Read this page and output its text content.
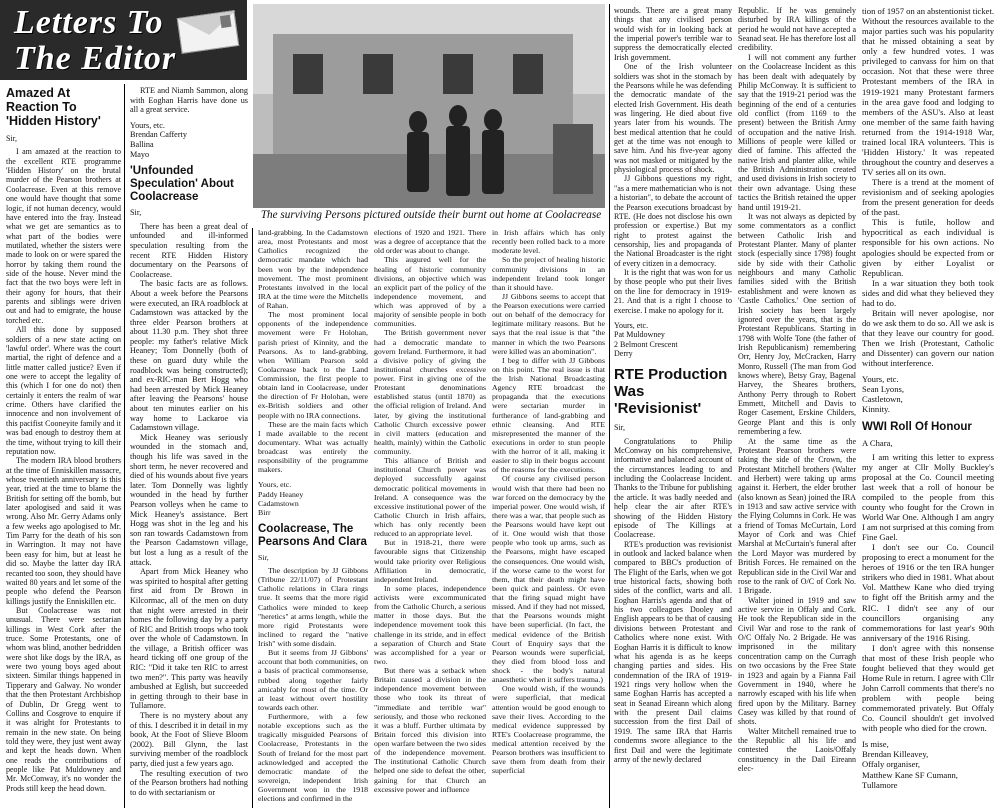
Letters To
The Editor
The surviving Persons pictured outside their burnt out home at Coolacrease
Amazed At Reaction To 'Hidden History'

Sir,

I am amazed at the reaction to the excellent RTE programme 'Hidden History' on the brutal murder of the Pearson brothers at Coolacrease. Even at this remove one would have thought that some logic, if not human decency, would have entered into the fray. Instead what we get are semantics as to what part of the bodies were mutilated, whether the sisters were made to look on or were spared the horror by taking them round the side of the house. Never mind the fact that the two boys were left in their agony for hours, that their parents and siblings were driven out and had to emigrate, the house torched etc.

All this done by supposed soldiers of a new state acting on 'lawful order'. Where was the court martial, the right of defence and a little matter called justice? Even if one were to accept the legality of this (which I for one do not) then certainly it enters the realm of war crime. Others have clarified the innocence and non involvement of this pacifist Cooneyite family and it was bad enough to destroy them at the time, without trying to kill their reputation now.

The modern IRA blood brothers at the time of Enniskillen massacre, whose twentieth anniversary is this year, tried at the time to blame the British for setting off the bomb, but later apologised and said it was wrong. Also Mr. Gerry Adams only a few weeks ago apologised to Mr. Tim Parry for the death of his son in Warrington. It may not have been easy for him, but at least he did so. Maybe the latter day IRA recanted too soon, they should have waited 80 years and let some of the people who defend the Pearson killings justify the Enniskillen etc.

But Coolacrease was not unusual. There were sectarian killings in West Cork after the truce. Some Protestants, one of whom was blind, another bedridden were shot like dogs by the IRA, as were two young boys aged about sixteen. Similar things happened in Tipperary and Galway. No wonder that the then Protestant Archbishop of Dublin, Dr Gregg went to Collins and Cosgrove to enquire if it was alright for Protestants to remain in the new state. On being told they were, they just went away and kept the heads down. When one reads the contributions of people like Pat Muldowney and Mr. McConway, it's no wonder the Prods still keep the head down.

RTE and Niamh Sammon, along with Eoghan Harris have done us all a great service.

Yours, etc.

Brendan Cafferty

Ballina

Mayo

'Unfounded Speculation' About Coolacrease

Sir,

There has been a great deal of unfounded and ill-informed speculation resulting from the recent RTE Hidden History documentary on the Pearsons of Coolacrease.

The basic facts are as follows. About a week before the Pearsons were executed, an IRA roadblock at Cadamstown was attacked by the three elder Pearson brothers at about 11.30 p.m. They shot three people: my father's relative Mick Heaney; Tom Donnelly (both of these on guard duty while the roadblock was being constructed); and ex-RIC-man Bert Hogg who had been arrested by Mick Heaney after leaving the Pearsons' house about ten minutes earlier on his way home to Lackaroe via Cadamstown village.

Mick Heaney was seriously wounded in the stomach and, though his life was saved in the short term, he never recovered and died of his wounds about five years later. Tom Donnelly was lightly wounded in the head by further Pearson volleys when he came to Mick Heaney's assistance. Bert Hogg was shot in the leg and his son ran towards Cadamstown from the Pearson Cadamstown village, but lost a lung as a result of the attack.

Apart from Mick Heaney who was spirited to hospital after getting first aid from Dr Brown in Kilcormac, all of the men on duty that night were arrested in their homes the following day by a party of RIC and British troops who took over the whole of Cadamstown. In the village, a British officer was heard ticking off one group of the RIC: "Did it take ten RIC to arrest two men?". This party was heavily ambushed at Eglish, but succeeded in getting through to their base in Tullamore.

There is no mystery about any of this. I described it in detail in my book, At the Foot of Slieve Bloom (2002). Bill Glynn, the last surviving member of the roadblock party, died just a few years ago.

The resulting execution of two of the Pearson brothers had nothing to do with sectarianism or

land-grabbing. In the Cadamstown area, most Protestants and most Catholics recognized the democratic mandate which had been won by the independence movement. The most prominent Protestants involved in the local IRA at the time were the Mitchells of Rahan.

The most prominent local opponents of the independence movement were Fr Holohan, parish priest of Kinnity, and the Pearsons. As to land-grabbing, when William Pearson sold Coolacrease back to the Land Commission, the first people to obtain land in Coolacrease, under the direction of Fr Holohan, were ex-British soldiers and other people with no IRA connections.

These are the main facts which I made available to the recent documentary. What was actually broadcast was entirely the responsibility of the programme makers.

Yours, etc.

Paddy Heaney

Cadamstown

Birr

Coolacrease, The Pearsons And Clara

Sir,

The description by JJ Gibbons (Tribune 22/11/07) of Protestant Catholic relations in Clara rings true. It seems that the more rigid Catholics were minded to keep "heretics" at arms length, while the more rigid Protestants were inclined to regard the "native Irish" with some disdain.

But it seems from JJ Gibbons' account that both communities, on a basis of practical commonsense, rubbed along together fairly amicably for most of the time. Or at least without overt hostility towards each other.

Furthermore, with a few notable exceptions such as the tragically misguided Pearsons of Coolacrease, Protestants in the South of Ireland for the most part acknowledged and accepted the democratic mandate of the sovereign, independent Irish Government won in the 1918 elections and confirmed in the

elections of 1920 and 1921. There was a degree of acceptance that the old order was about to change.

This augured well for the healing of historic community divisions, an objective which was an explicit part of the policy of the independence movement, and which was approved of by a majority of sensible people in both communities.

The British government never had a democratic mandate to govern Ireland. Furthermore, it had a divisive policy of giving the institutional churches excessive power. First in giving one of the Protestant denominations established status (until 1870) as the official religion of Ireland. And later, by giving the institutional Catholic Church excessive power in civil matters (education and health, mainly) within the Catholic community.

This alliance of British and institutional Church power was deployed successfully against democratic political movements in Ireland. A consequence was the excessive institutional power of the Catholic Church in Irish affairs, which has only recently been reduced to an appropriate level.

But in 1918-21, there were favourable signs that Citizenship would take priority over Religious Affiliation in democratic, independent Ireland.

In some places, independence activists were excommunicated from the Catholic Church, a serious matter in those days. But the independence movement took this challenge in its stride, and in effect a separation of Church and State was accomplished for a year or two.

But there was a setback when Britain caused a division in the independence movement between those who took its threat of "immediate and terrible war" seriously, and those who reckoned it was a bluff. Further ultimata by Britain forced this division into open warfare between the two sides of the independence movement. The institutional Catholic Church helped one side to defeat the other, gaining for that Church an excessive power and influence

in Irish affairs which has only recently been rolled back to a more moderate level.

So the project of healing historic community divisions in an independent Ireland took longer than it should have.

JJ Gibbons seems to accept that the Pearson executions were carried out on behalf of the democracy for legitimate military reasons. But he says that the real issue is that "the manner in which the two Pearsons were killed was an abomination".

I beg to differ with JJ Gibbons on this point. The real issue is that the Irish National Broadcasting Agency RTE broadcast the propaganda that the executions were sectarian murder in furtherance of land-grabbing and ethnic cleansing. And RTE misrepresented the manner of the executions in order to stun people with the horror of it all, making it easier to slip in their bogus account of the reasons for the executions.

Of course any civilised person would wish that there had been no war forced on the democracy by the imperial power. One would wish, if there was a war, that people such as the Pearsons would have kept out of it. One would wish that those people who took up arms, such as the Pearsons, might have escaped the consequences. One would wish, if the worse came to the worst for them, that their death might have been quick and painless. Or even that the firing squad might have missed. And if they had not missed, that the Pearsons wounds might have been superficial. (In fact, the medical evidence of the British Court of Enquiry says that the Pearson wounds were superficial, they died from blood loss and shock - the body's natural anaesthetic when it suffers trauma.)

One would wish, if the wounds were superficial, that medical attention would be good enough to save their lives. According to the medical evidence suppressed by RTE's Coolacrease programme, the medical attention received by the Pearson brothers was insufficient to save them from death from their superficial

wounds. There are a great many things that any civilised person would wish for in looking back at the imperial power's terrible war to suppress the democratically elected Irish government.

One of the Irish volunteer soldiers was shot in the stomach by the Pearsons while he was defending the democratic mandate of the elected Irish Government. His death was lingering. He died about five years later from his wounds. The best medical attention that he could get at the time was not enough to save him. And his five-year agony was not masked or mitigated by the physiological process of shock.

JJ Gibbons questions my right, "as a mere mathematician who is not a historian", to debate the account of the Pearson executions broadcast by RTE. (He does not disclose his own profession or expertise.) But my right to protest against the censorship, lies and propaganda of the National Broadcaster is the right of every citizen in a democracy.

It is the right that was won for us by those people who put their lives on the line for democracy in 1919-21. And that is a right I choose to exercise. I make no apology for it.

Yours, etc.

Pat Muldowney

2 Belmont Crescent

Derry

RTE Production Was 'Revisionist'

Sir,

Congratulations to Philip McConway on his comprehensive, informative and balanced account of the circumstances leading to and including the Coolacrease Incident. Thanks to the Tribune for publishing the article. It was badly needed and help clear the air after RTE's showing of the Hidden History episode of The Killings at Coolacrease.

RTE's production was revisionist in outlook and lacked balance when compared to BBC's production of The Flight of the Earls, when we got true historical facts, showing both sides of the conflict, warts and all. Eoghan Harris's agenda and that of his two colleagues Dooley and English appears to be that of causing divisions between Protestant and Catholics where none exist. With Eoghan Harris it is difficult to know what his agenda is as he keeps changing parties and sides. His condemnation of the IRA of 1919-1921 rings very hollow when the same Eoghan Harris has accepted a seat in Seanad Eireann which along with the present Dail claims succession from the first Dail of 1919. The same IRA that Harris condemns swore allegiance to the first Dail and were the legitimate army of the newly declared

Republic. If he was genuinely disturbed by IRA killings of the period he would not have accepted a Seanad seat. He has therefore lost all credibility.

I will not comment any further on the Coolacrease Incident as this has been dealt with adequately by Philip McConway. It is sufficient to say that the 1919-21 period was the beginning of the end of a centuries old conflict (from 1169 to the present) between the British Army of occupation and the native Irish. Millions of people were killed or died of famine. This affected the native Irish and planter alike, while the British Administration created and used divisions in Irish society to their own advantage. Using these tactics the British retained the upper hand until 1919-21.

It was not always as depicted by some commentators as a conflict between Catholic Irish and Protestant Planter. Many of planter stock (especially since 1798) fought side by side with their Catholic neighbours and many Catholic families sided with the British establishment and were known as 'Castle Catholics.' One section of Irish society has been largely ignored over the years, that is the Protestant Republicans. Starting in 1798 with Wolfe Tone (the father of Irish Republicanism) remembering Orr, Henry Joy, McCracken, Harry Monro, Russell (The man from God knows where), Betsy Gray, Bagenal Harvey, the Sheares brothers, Anthony Perry through to Robert Emmett, Mitchell and Davis to Roger Casement, Erskine Childers, George Plant and this is only remembering a few.

At the same time as the Protestant Pearson brothers were taking the side of the Crown, the Protestant Mitchell brothers (Walter and Herbert) were taking up arms against it. Herbert, the elder brother (also known as Sean) joined the IRA in 1913 and saw active service with the Flying Columns in Cork. He was a friend of Tomas McCurtain, Lord Mayor of Cork and was Chief Marshal at McCurtain's funeral after the Lord Mayor was murdered by British Forces. He remained on the Republican side in the Civil War and rose to the rank of O/C of Cork No. 1 Brigade.

Walter joined in 1919 and saw active service in Offaly and Cork. He took the Republican side in the Civil War and rose to the rank of O/C Offaly No. 2 Brigade. He was imprisoned in the military concentration camp on the Curragh on two occasions by the Free State in 1923 and again by a Fianna Fail Government in 1940, where he narrowly escaped with his life when fired upon by the Military. Barney Casey was killed by that round of shots.

Walter Mitchell remained true to the Republic all his life and contested the Laois/Offaly constituency in the Dail Eireann elec-

tion of 1957 on an abstentionist ticket. Without the resources available to the major parties such was his popularity that he missed obtaining a seat by only a few hundred votes. I was privileged to canvass for him on that occasion. Not that these were three Protestant members of the IRA in 1919-1921 many Protestant farmers in the area gave food and lodging to members of the ASU's. Also at least one member of the same faith having returned from the 1914-1918 War, trained local IRA volunteers. This is 'Hidden History.' It was repeated throughout the country and deserves a TV series all on its own.

There is a trend at the moment of revisionism and of seeking apologies from the present generation for deeds of the past.

This is futile, hollow and hypocritical as each individual is responsible for his own actions. No apologies should be expected from or given by either Loyalist or Republican.

In a war situation they both took sides and did what they believed they had to do.

Britain will never apologise, nor do we ask them to do so. All we ask is that they leave our country for good. Then we Irish (Protestant, Catholic and Dissenter) can govern our nation without interference.

Yours, etc.

Sean Lyons,

Castletown,

Kinnity.

WWI Roll Of Honour

A Chara,

I am writing this letter to express my anger at Cllr Molly Buckley's proposal at the Co. Council meeting last week that a roll of honour be compiled to the people from this county who fought for the Crown in World War One. Although I am angry I am not surprised at this coming from Fine Gael.

I don't see our Co. Council proposing to erect a monument for the heroes of 1916 or the ten IRA hunger strikers who died in 1981. What about Vol. Matthew Kane who died trying to fight off the British army and the RIC. I didn't see any of our councillors organising any commemorations for last year's 90th anniversary of the 1916 Rising.

I don't agree with this nonsense that most of these Irish people who fought believed that they would get Home Rule in return. I agree with Cllr John Carroll comments that there's no problem with people being commemorated privately. But Offaly Co. Council shouldn't get involved with people who died for the crown.

Is mise,

Brendan Killeavey,

Offaly organiser,

Matthew Kane SF Cumann,

Tullamore
